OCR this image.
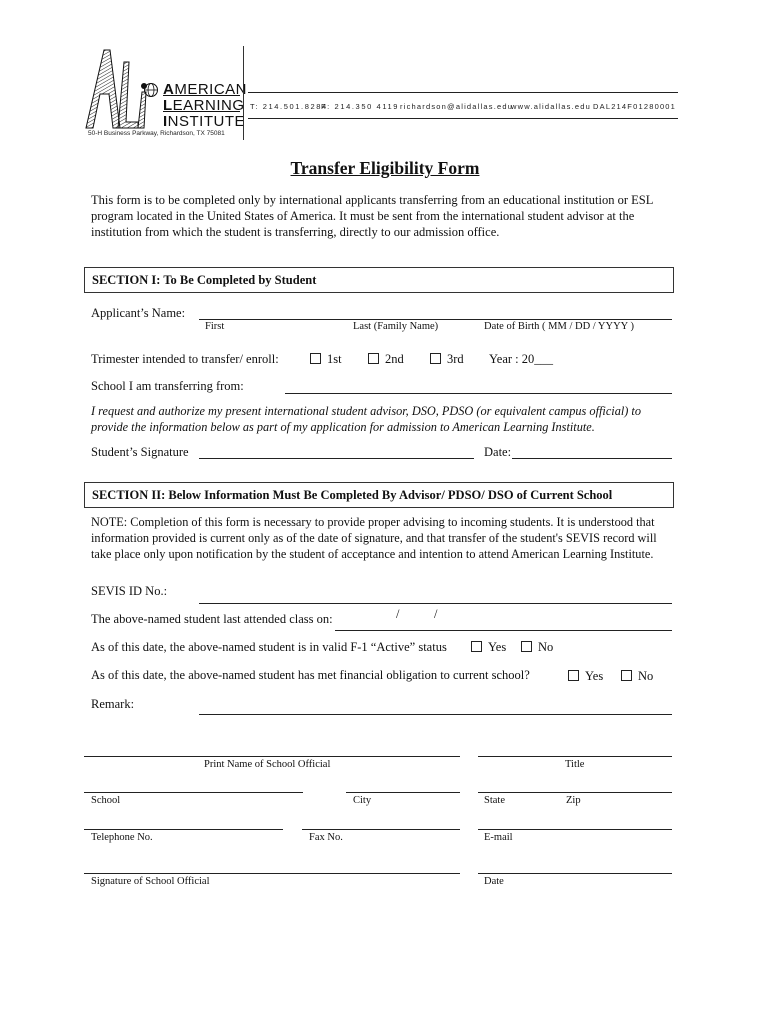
AMERICAN
LEARNING
INSTITUTE
50-H Business Parkway, Richardson, TX 75081
T: 214.501.8284
F: 214.350 4119 richardson@alidallas.edu
www.alidallas.edu DAL214F01280001
Transfer Eligibility Form
This form is to be completed only by international applicants transferring from an educational institution or ESL program located in the United States of America. It must be sent from the international student advisor at the institution from which the student is transferring, directly to our admission office.
SECTION I: To Be Completed by Student
Applicant’s Name:
First	Last (Family Name)	Date of Birth ( MM / DD / YYYY )
Trimester intended to transfer/ enroll:	1st	2nd	3rd Year : 20___
School I am transferring from:
I request and authorize my present international student advisor, DSO, PDSO (or equivalent campus official) to provide the information below as part of my application for admission to American Learning Institute.
Student’s Signature	Date:
SECTION II: Below Information Must Be Completed By Advisor/ PDSO/ DSO of Current School
NOTE: Completion of this form is necessary to provide proper advising to incoming students. It is understood that information provided is current only as of the date of signature, and that transfer of the student's SEVIS record will take place only upon notification by the student of acceptance and intention to attend American Learning Institute.
SEVIS ID No.:
The above-named student last attended class on:	/	/
As of this date, the above-named student is in valid F-1 “Active” status	Yes	No
As of this date, the above-named student has met financial obligation to current school?	Yes	No
Remark:
Print Name of School Official	Title
School	City	State	Zip
Telephone No.	Fax No.	E-mail
Signature of School Official	Date
